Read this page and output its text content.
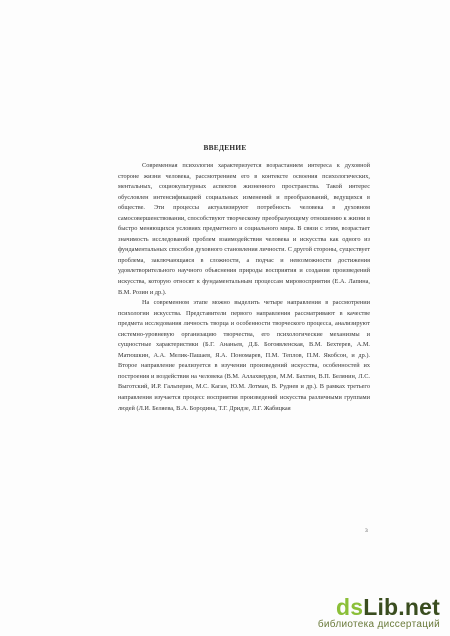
ВВЕДЕНИЕ

Современная психология характеризуется возрастанием интереса к духовной стороне жизни человека, рассмотрением его в контексте освоения психологических, ментальных, социокультурных аспектов жизненного пространства. Такой интерес обусловлен интенсификацией социальных изменений и преобразований, ведущихся в обществе. Эти процессы актуализируют потребность человека в духовном самосовершенствовании, способствуют творческому преобразующему отношению к жизни в быстро меняющихся условиях предметного и социального мира. В связи с этим, возрастает значимость исследований проблем взаимодействия человека и искусства как одного из фундаментальных способов духовного становления личности. С другой стороны, существует проблема, заключающаяся в сложности, а подчас и невозможности достижения удовлетворительного научного объяснения природы восприятия и создания произведений искусства, которую относят к фундаментальным процессам мировосприятия (Е.А. Лапина, В.М. Розин и др.).

На современном этапе можно выделить четыре направления в рассмотрении психологии искусства. Представители первого направления рассматривают в качестве предмета исследования личность творца и особенности творческого процесса, анализируют системно-уровневую организацию творчества, его психологические механизмы и сущностные характеристики (Б.Г. Ананьев, Д.Б. Богоявленская, В.М. Бехтерев, А.М. Матюшкин, А.А. Мелик-Пашаев, Я.А. Пономарев, П.М. Теплов, П.М. Якобсон, и др.). Второе направление реализуется в изучении произведений искусства, особенностей их построения и воздействия на человека (В.М. Аллахвердов, М.М. Бахтин, В.П. Белянин, Л.С. Выготский, И.Р. Гальперин, М.С. Каган, Ю.М. Лотман, В. Руднев и др.). В рамках третьего направления изучается процесс восприятия произведений искусства различными группами людей (Л.И. Беляева, В.А. Бородина, Т.Г. Дридзе, Л.Г. Жабицкая

3
dsLib.net
библиотека диссертаций
